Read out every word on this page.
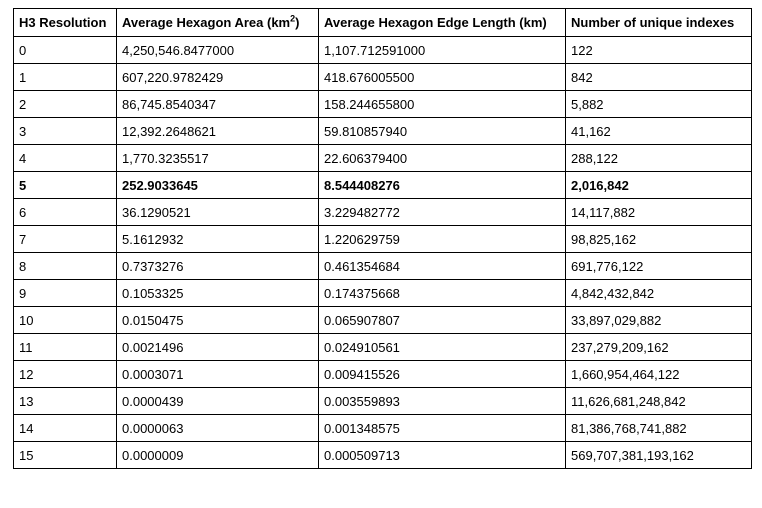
H3 Resolution	Average Hexagon Area $(km^2)$	Average Hexagon Edge Length (km)	Number of unique indexes
0	4,250,546.8477000	1,107.712591000	122
1	607,220.9782429	418.676005500	842
2	86,745.8540347	158.244655800	5,882
3	12,392.2648621	59.810857940	41,162
4	1,770.3235517	22.606379400	288,122
5	252.9033645	8.544408276	2,016,842
6	36.1290521	3.229482772	14,117,882
7	5.1612932	1.220629759	98,825,162
8	0.7373276	0.461354684	691,776,122
9	0.1053325	0.174375668	4,842,432,842
10	0.0150475	0.065907807	33,897,029,882
11	0.0021496	0.024910561	237,279,209,162
12	0.0003071	0.009415526	1,660,954,464,122
13	0.0000439	0.003559893	11,626,681,248,842
14	0.0000063	0.001348575	81,386,768,741,882
15	0.0000009	0.000509713	569,707,381,193,162
